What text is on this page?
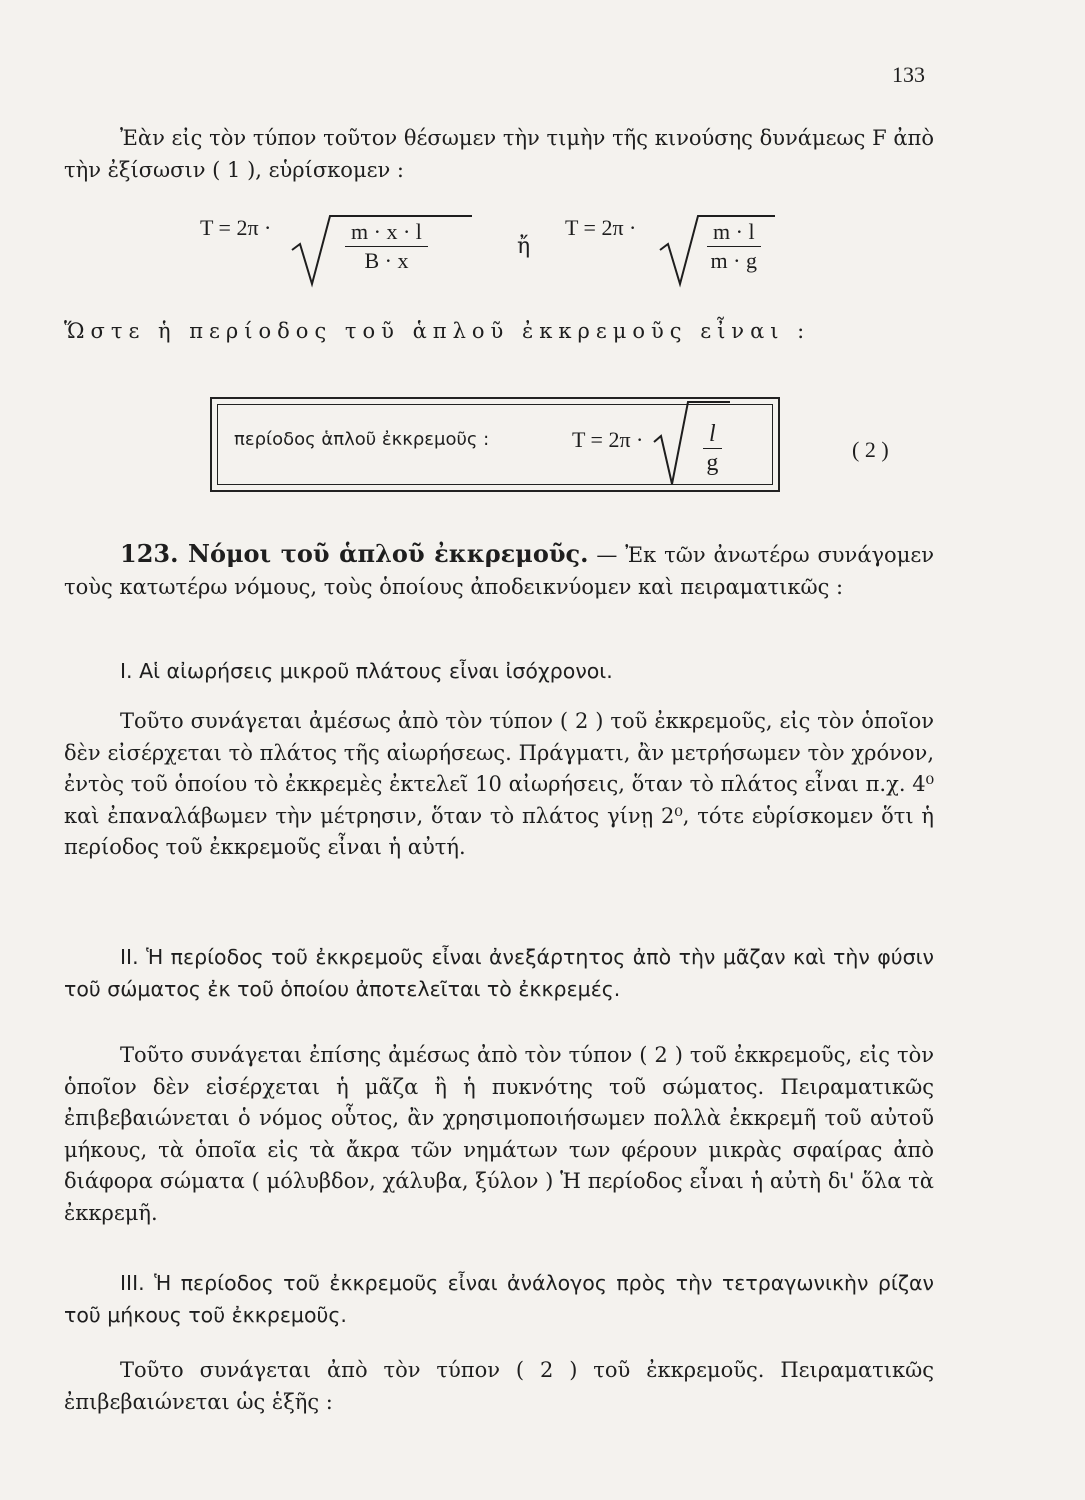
133

Ἐὰν εἰς τὸν τύπον τοῦτον θέσωμεν τὴν τιμὴν τῆς κινούσης δυνάμεως F ἀπὸ τὴν ἐξίσωσιν ( 1 ), εὑρίσκομεν :

T = 2π ·	$\frac{m \cdot x \cdot l}{B \cdot x}$	ἤ
T = 2π ·	$\frac{m \cdot l}{m \cdot g}$

Ὥστε ἡ περίοδος τοῦ ἁπλοῦ ἐκκρεμοῦς εἶναι :

περίοδος ἁπλοῦ ἐκκρεμοῦς :	$T = 2\pi \cdot \frac{l}{g}$	( 2 )

123. Νόμοι τοῦ ἁπλοῦ ἐκκρεμοῦς. — Ἐκ τῶν ἀνωτέρω συνάγομεν τοὺς κατωτέρω νόμους, τοὺς ὁποίους ἀποδεικνύομεν καὶ πειραματικῶς :

I. Αἱ αἰωρήσεις μικροῦ πλάτους εἶναι ἰσόχρονοι.

Τοῦτο συνάγεται ἀμέσως ἀπὸ τὸν τύπον ( 2 ) τοῦ ἐκκρεμοῦς, εἰς τὸν ὁποῖον δὲν εἰσέρχεται τὸ πλάτος τῆς αἰωρήσεως. Πράγματι, ἂν μετρήσωμεν τὸν χρόνον, ἐντὸς τοῦ ὁποίου τὸ ἐκκρεμὲς ἐκτελεῖ 10 αἰωρήσεις, ὅταν τὸ πλάτος εἶναι π.χ. 4⁰ καὶ ἐπαναλάβωμεν τὴν μέτρησιν, ὅταν τὸ πλάτος γίνῃ 2⁰, τότε εὑρίσκομεν ὅτι ἡ περίοδος τοῦ ἐκκρεμοῦς εἶναι ἡ αὐτή.

II. Ἡ περίοδος τοῦ ἐκκρεμοῦς εἶναι ἀνεξάρτητος ἀπὸ τὴν μᾶζαν καὶ τὴν φύσιν τοῦ σώματος ἐκ τοῦ ὁποίου ἀποτελεῖται τὸ ἐκκρεμές.

Τοῦτο συνάγεται ἐπίσης ἀμέσως ἀπὸ τὸν τύπον ( 2 ) τοῦ ἐκκρεμοῦς, εἰς τὸν ὁποῖον δὲν εἰσέρχεται ἡ μᾶζα ἢ ἡ πυκνότης τοῦ σώματος. Πειραματικῶς ἐπιβεβαιώνεται ὁ νόμος οὗτος, ἂν χρησιμοποιήσωμεν πολλὰ ἐκκρεμῆ τοῦ αὐτοῦ μήκους, τὰ ὁποῖα εἰς τὰ ἄκρα τῶν νημάτων των φέρουν μικρὰς σφαίρας ἀπὸ διάφορα σώματα ( μόλυβδον, χάλυβα, ξύλον ) Ἡ περίοδος εἶναι ἡ αὐτὴ δι' ὅλα τὰ ἐκκρεμῆ.

III. Ἡ περίοδος τοῦ ἐκκρεμοῦς εἶναι ἀνάλογος πρὸς τὴν τετραγωνικὴν ρίζαν τοῦ μήκους τοῦ ἐκκρεμοῦς.

Τοῦτο συνάγεται ἀπὸ τὸν τύπον ( 2 ) τοῦ ἐκκρεμοῦς. Πειραματικῶς ἐπιβεβαιώνεται ὡς ἑξῆς :
